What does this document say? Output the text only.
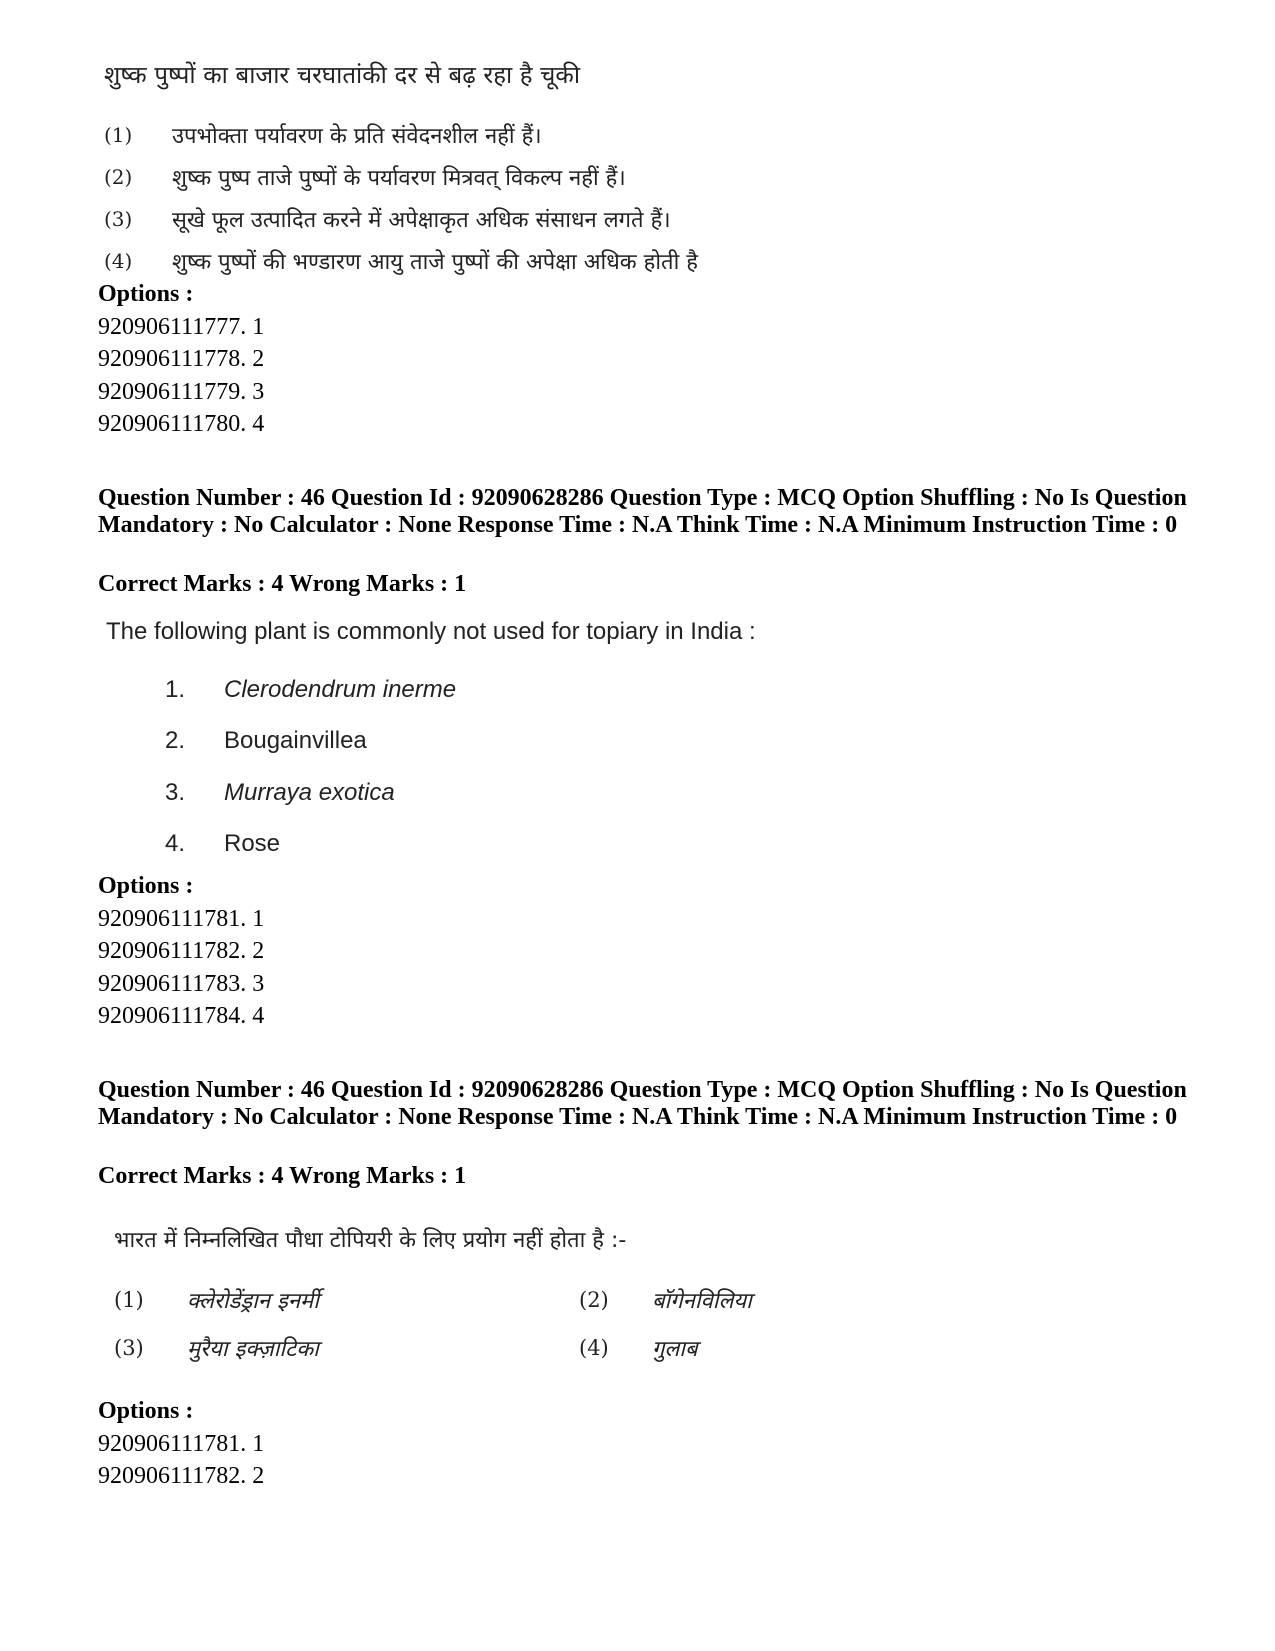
शुष्क पुष्पों का बाजार चरघातांकी दर से बढ़ रहा है चूकी
(1)	उपभोक्ता पर्यावरण के प्रति संवेदनशील नहीं हैं।
(2)	शुष्क पुष्प ताजे पुष्पों के पर्यावरण मित्रवत् विकल्प नहीं हैं।
(3)	सूखे फूल उत्पादित करने में अपेक्षाकृत अधिक संसाधन लगते हैं।
(4)	शुष्क पुष्पों की भण्डारण आयु ताजे पुष्पों की अपेक्षा अधिक होती है
Options :
920906111777. 1
920906111778. 2
920906111779. 3
920906111780. 4
Question Number : 46 Question Id : 92090628286 Question Type : MCQ Option Shuffling : No Is Question Mandatory : No Calculator : None Response Time : N.A Think Time : N.A Minimum Instruction Time : 0
Correct Marks : 4 Wrong Marks : 1
The following plant is commonly not used for topiary in India :
1.	Clerodendrum inerme
2.	Bougainvillea
3.	Murraya exotica
4.	Rose
Options :
920906111781. 1
920906111782. 2
920906111783. 3
920906111784. 4
Question Number : 46 Question Id : 92090628286 Question Type : MCQ Option Shuffling : No Is Question Mandatory : No Calculator : None Response Time : N.A Think Time : N.A Minimum Instruction Time : 0
Correct Marks : 4 Wrong Marks : 1
भारत में निम्नलिखित पौधा टोपियरी के लिए प्रयोग नहीं होता है :-
(1)	क्लेरोडेंड्रान इनर्मी	(2)	बॉगेनविलिया
(3)	मुरैया इक्ज़ाटिका	(4)	गुलाब
Options :
920906111781. 1
920906111782. 2
